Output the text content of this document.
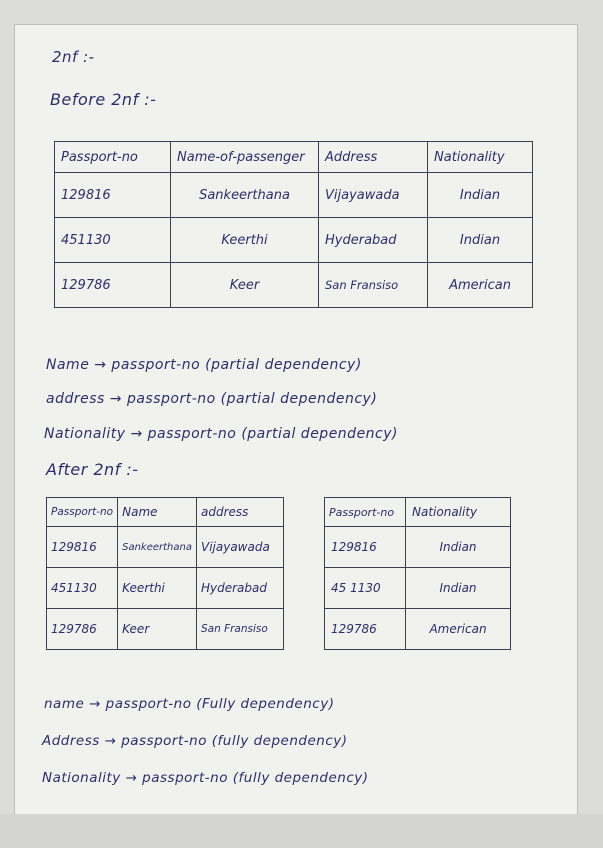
2nf :-
Before 2nf :-
Passport-no	Name-of-passenger	Address	Nationality
129816	Sankeerthana	Vijayawada	Indian
451130	Keerthi	Hyderabad	Indian
129786	Keer	San Fransiso	American
Name → passport-no (partial dependency)
address → passport-no (partial dependency)
Nationality → passport-no (partial dependency)
After 2nf :-
Passport-no	Name	address
129816	Sankeerthana	Vijayawada
451130	Keerthi	Hyderabad
129786	Keer	San Fransiso
Passport-no	Nationality
129816	Indian
45 1130	Indian
129786	American
name → passport-no (Fully dependency)
Address → passport-no (fully dependency)
Nationality → passport-no (fully dependency)
